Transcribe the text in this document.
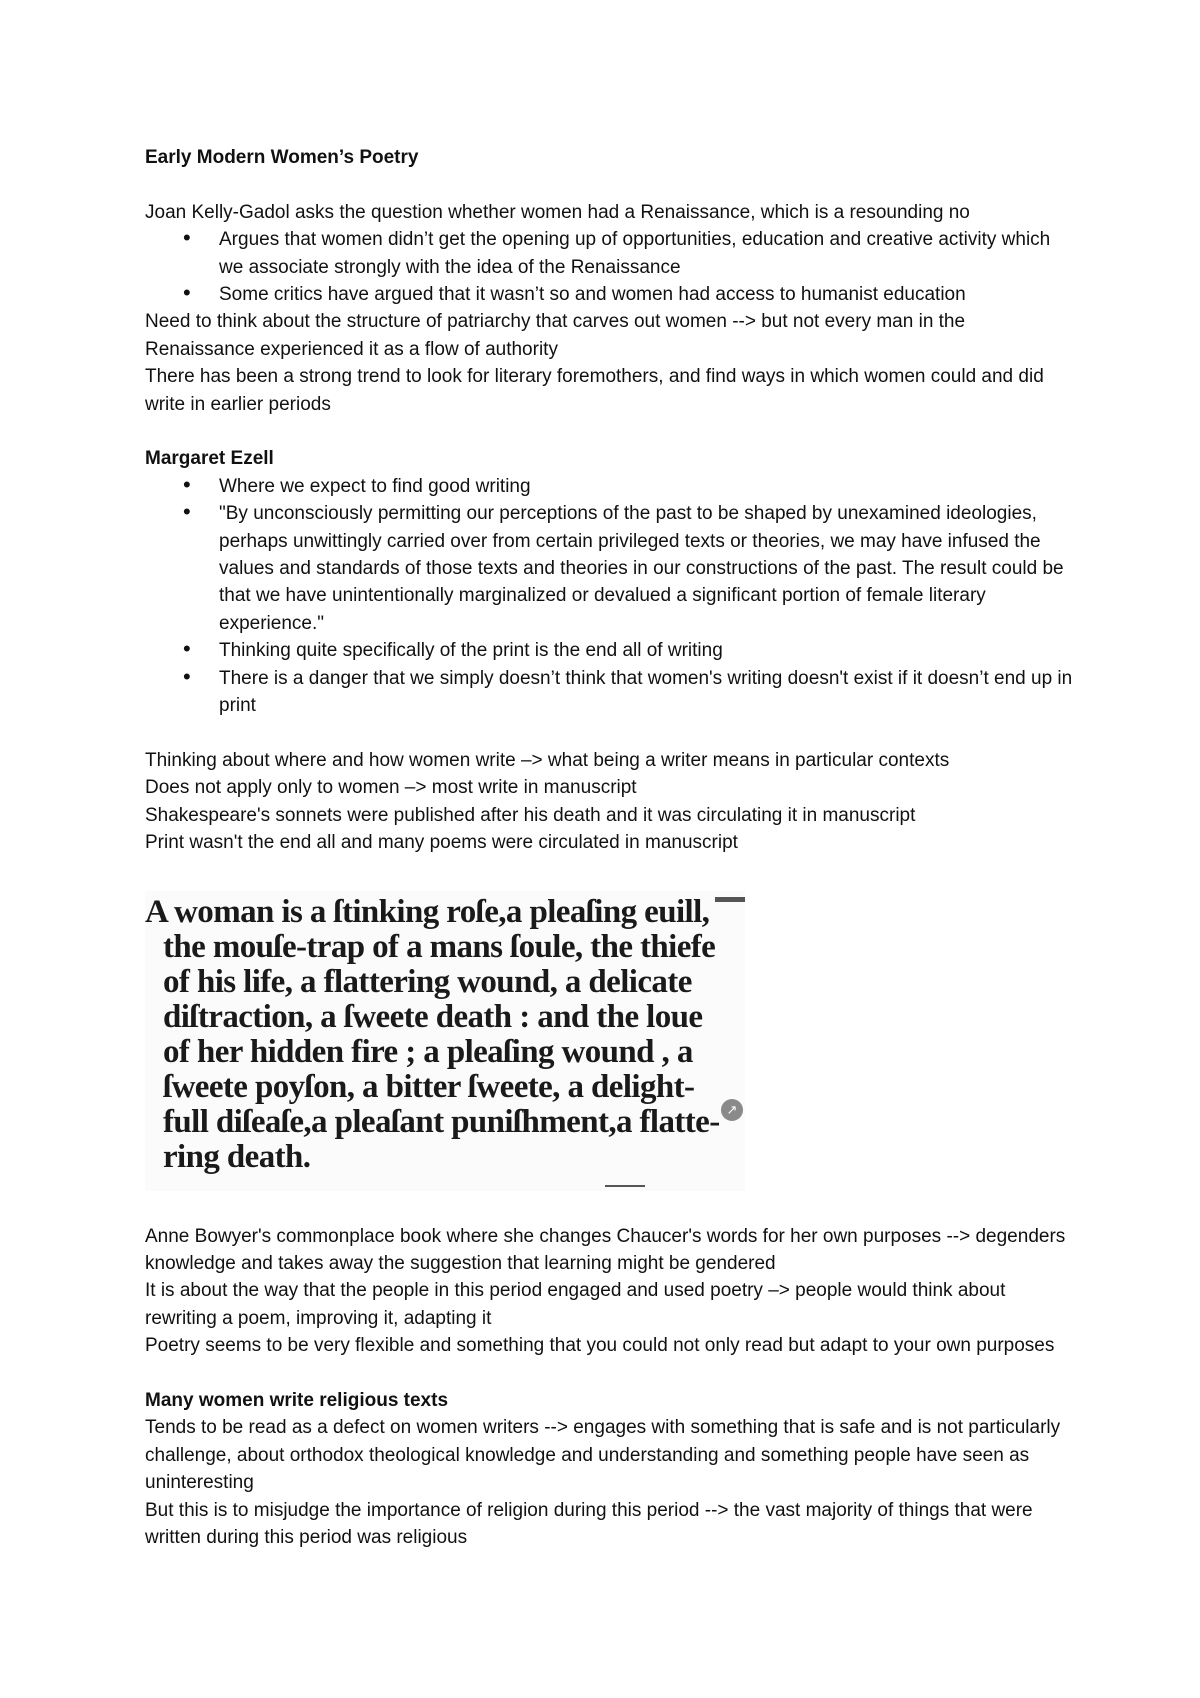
Early Modern Women’s Poetry

Joan Kelly-Gadol asks the question whether women had a Renaissance, which is a resounding no

• Argues that women didn’t get the opening up of opportunities, education and creative activity which we associate strongly with the idea of the Renaissance
• Some critics have argued that it wasn’t so and women had access to humanist education

Need to think about the structure of patriarchy that carves out women --> but not every man in the Renaissance experienced it as a flow of authority

There has been a strong trend to look for literary foremothers, and find ways in which women could and did write in earlier periods

Margaret Ezell

• Where we expect to find good writing
• "By unconsciously permitting our perceptions of the past to be shaped by unexamined ideologies, perhaps unwittingly carried over from certain privileged texts or theories, we may have infused the values and standards of those texts and theories in our constructions of the past. The result could be that we have unintentionally marginalized or devalued a significant portion of female literary experience."
• Thinking quite specifically of the print is the end all of writing
• There is a danger that we simply doesn’t think that women's writing doesn't exist if it doesn’t end up in print

Thinking about where and how women write –> what being a writer means in particular contexts

Does not apply only to women –> most write in manuscript

Shakespeare's sonnets were published after his death and it was circulating it in manuscript

Print wasn't the end all and many poems were circulated in manuscript

A woman is a ſtinking roſe,a pleaſing euill,
the mouſe-trap of a mans ſoule, the thiefe
of his life, a flattering wound, a delicate
diſtraction, a ſweete death : and the loue
of her hidden fire ; a pleaſing wound , a
ſweete poyſon, a bitter ſweete, a delight-
full diſeaſe,a pleaſant puniſhment,a flatte-
ring death.
↗

Anne Bowyer's commonplace book where she changes Chaucer's words for her own purposes --> degenders knowledge and takes away the suggestion that learning might be gendered

It is about the way that the people in this period engaged and used poetry –> people would think about rewriting a poem, improving it, adapting it

Poetry seems to be very flexible and something that you could not only read but adapt to your own purposes

Many women write religious texts

Tends to be read as a defect on women writers --> engages with something that is safe and is not particularly challenge, about orthodox theological knowledge and understanding and something people have seen as uninteresting

But this is to misjudge the importance of religion during this period --> the vast majority of things that were written during this period was religious
